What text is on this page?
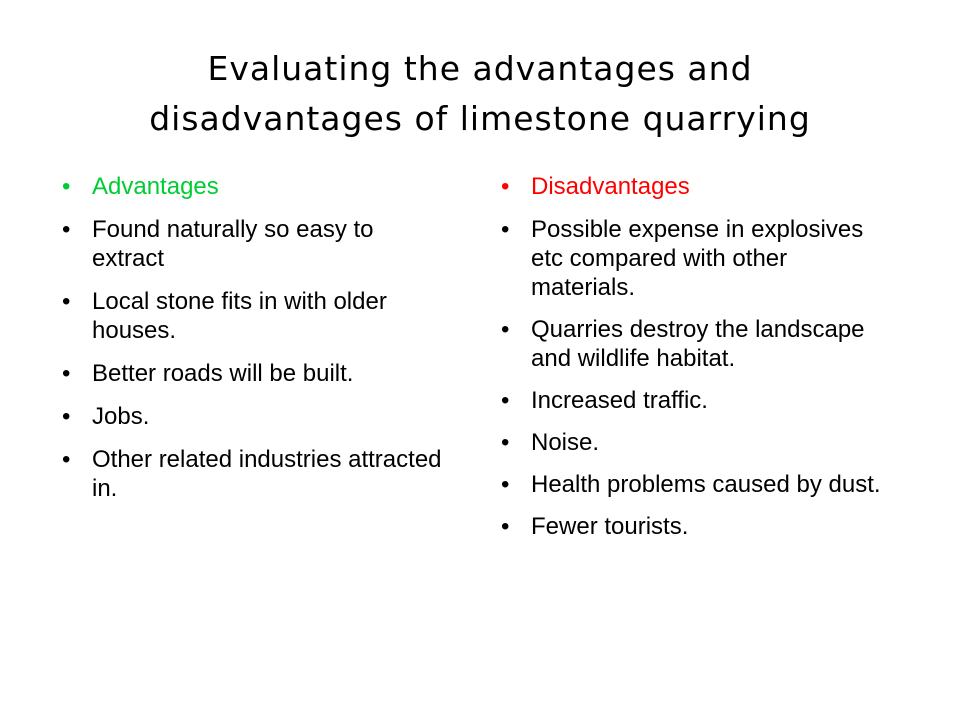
Evaluating the advantages and
disadvantages of limestone quarrying
• Advantages
• Found naturally so easy to extract
• Local stone fits in with older houses.
• Better roads will be built.
• Jobs.
• Other related industries attracted in.
• Disadvantages
• Possible expense in explosives etc compared with other materials.
• Quarries destroy the landscape and wildlife habitat.
• Increased traffic.
• Noise.
• Health problems caused by dust.
• Fewer tourists.
